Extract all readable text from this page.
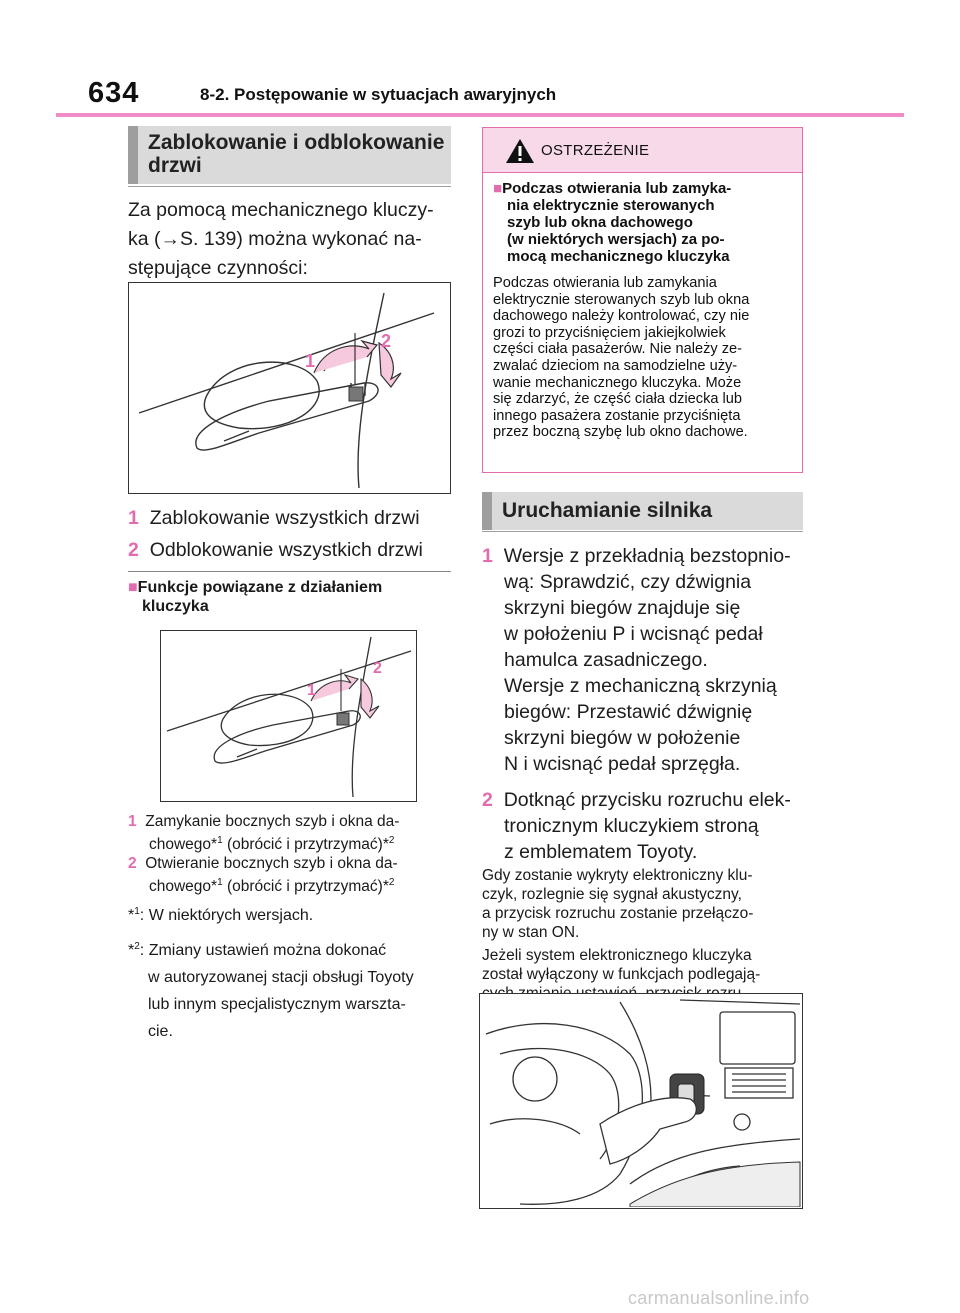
634	8-2. Postępowanie w sytuacjach awaryjnych
Zablokowanie i odblokowanie
drzwi
Za pomocą mechanicznego kluczy-
ka (→S. 139) można wykonać na-
stępujące czynności:
1
2
1 Zablokowanie wszystkich drzwi
2 Odblokowanie wszystkich drzwi
■Funkcje powiązane z działaniem
kluczyka
1
2
1 Zamykanie bocznych szyb i okna da-
chowego*$^1$ (obrócić i przytrzymać)*$^2$
2 Otwieranie bocznych szyb i okna da-
chowego*$^1$ (obrócić i przytrzymać)*$^2$
*$^1$: W niektórych wersjach.
*$^2$: Zmiany ustawień można dokonać
w autoryzowanej stacji obsługi Toyoty
lub innym specjalistycznym warszta-
cie.
OSTRZEŻENIE
■Podczas otwierania lub zamyka-
nia elektrycznie sterowanych
szyb lub okna dachowego
(w niektórych wersjach) za po-
mocą mechanicznego kluczyka
Podczas otwierania lub zamykania
elektrycznie sterowanych szyb lub okna
dachowego należy kontrolować, czy nie
grozi to przyciśnięciem jakiejkolwiek
części ciała pasażerów. Nie należy ze-
zwalać dzieciom na samodzielne uży-
wanie mechanicznego kluczyka. Może
się zdarzyć, że część ciała dziecka lub
innego pasażera zostanie przyciśnięta
przez boczną szybę lub okno dachowe.
Uruchamianie silnika
1 Wersje z przekładnią bezstopnio-
wą: Sprawdzić, czy dźwignia
skrzyni biegów znajduje się
w położeniu P i wcisnąć pedał
hamulca zasadniczego.
Wersje z mechaniczną skrzynią
biegów: Przestawić dźwignię
skrzyni biegów w położenie
N i wcisnąć pedał sprzęgła.
2 Dotknąć przycisku rozruchu elek-
tronicznym kluczykiem stroną
z emblematem Toyoty.
Gdy zostanie wykryty elektroniczny klu-
czyk, rozlegnie się sygnał akustyczny,
a przycisk rozruchu zostanie przełączo-
ny w stan ON.
Jeżeli system elektronicznego kluczyka
został wyłączony w funkcjach podlegają-
carmanualsonline.info
